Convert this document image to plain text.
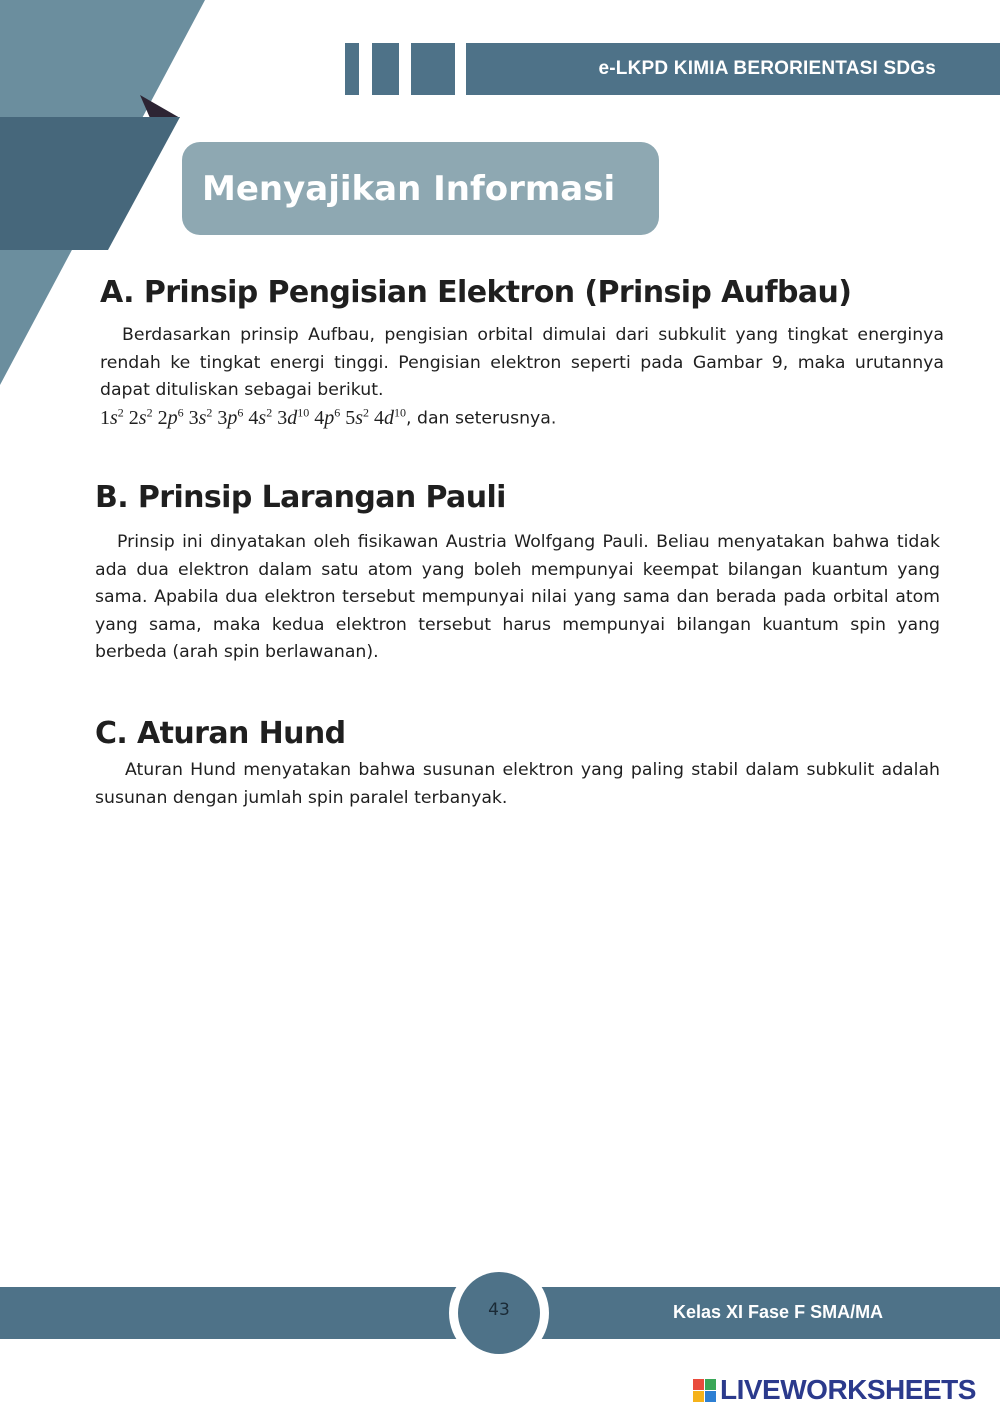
e-LKPD KIMIA BERORIENTASI SDGs
Menyajikan Informasi
A. Prinsip Pengisian Elektron (Prinsip Aufbau)

Berdasarkan prinsip Aufbau, pengisian orbital dimulai dari subkulit yang tingkat energinya rendah ke tingkat energi tinggi. Pengisian elektron seperti pada Gambar 9, maka urutannya dapat dituliskan sebagai berikut.

$1s^2$ $2s^2$ $2p^6$ $3s^2$ $3p^6$ $4s^2$ $3d^{10}$ $4p^6$ $5s^2$ $4d^{10}$, dan seterusnya.
B. Prinsip Larangan Pauli

Prinsip ini dinyatakan oleh fisikawan Austria Wolfgang Pauli. Beliau menyatakan bahwa tidak ada dua elektron dalam satu atom yang boleh mempunyai keempat bilangan kuantum yang sama. Apabila dua elektron tersebut mempunyai nilai yang sama dan berada pada orbital atom yang sama, maka kedua elektron tersebut harus mempunyai bilangan kuantum spin yang berbeda (arah spin berlawanan).

C. Aturan Hund

Aturan Hund menyatakan bahwa susunan elektron yang paling stabil dalam subkulit adalah susunan dengan jumlah spin paralel terbanyak.

43	Kelas XI Fase F SMA/MA
LIVEWORKSHEETS
